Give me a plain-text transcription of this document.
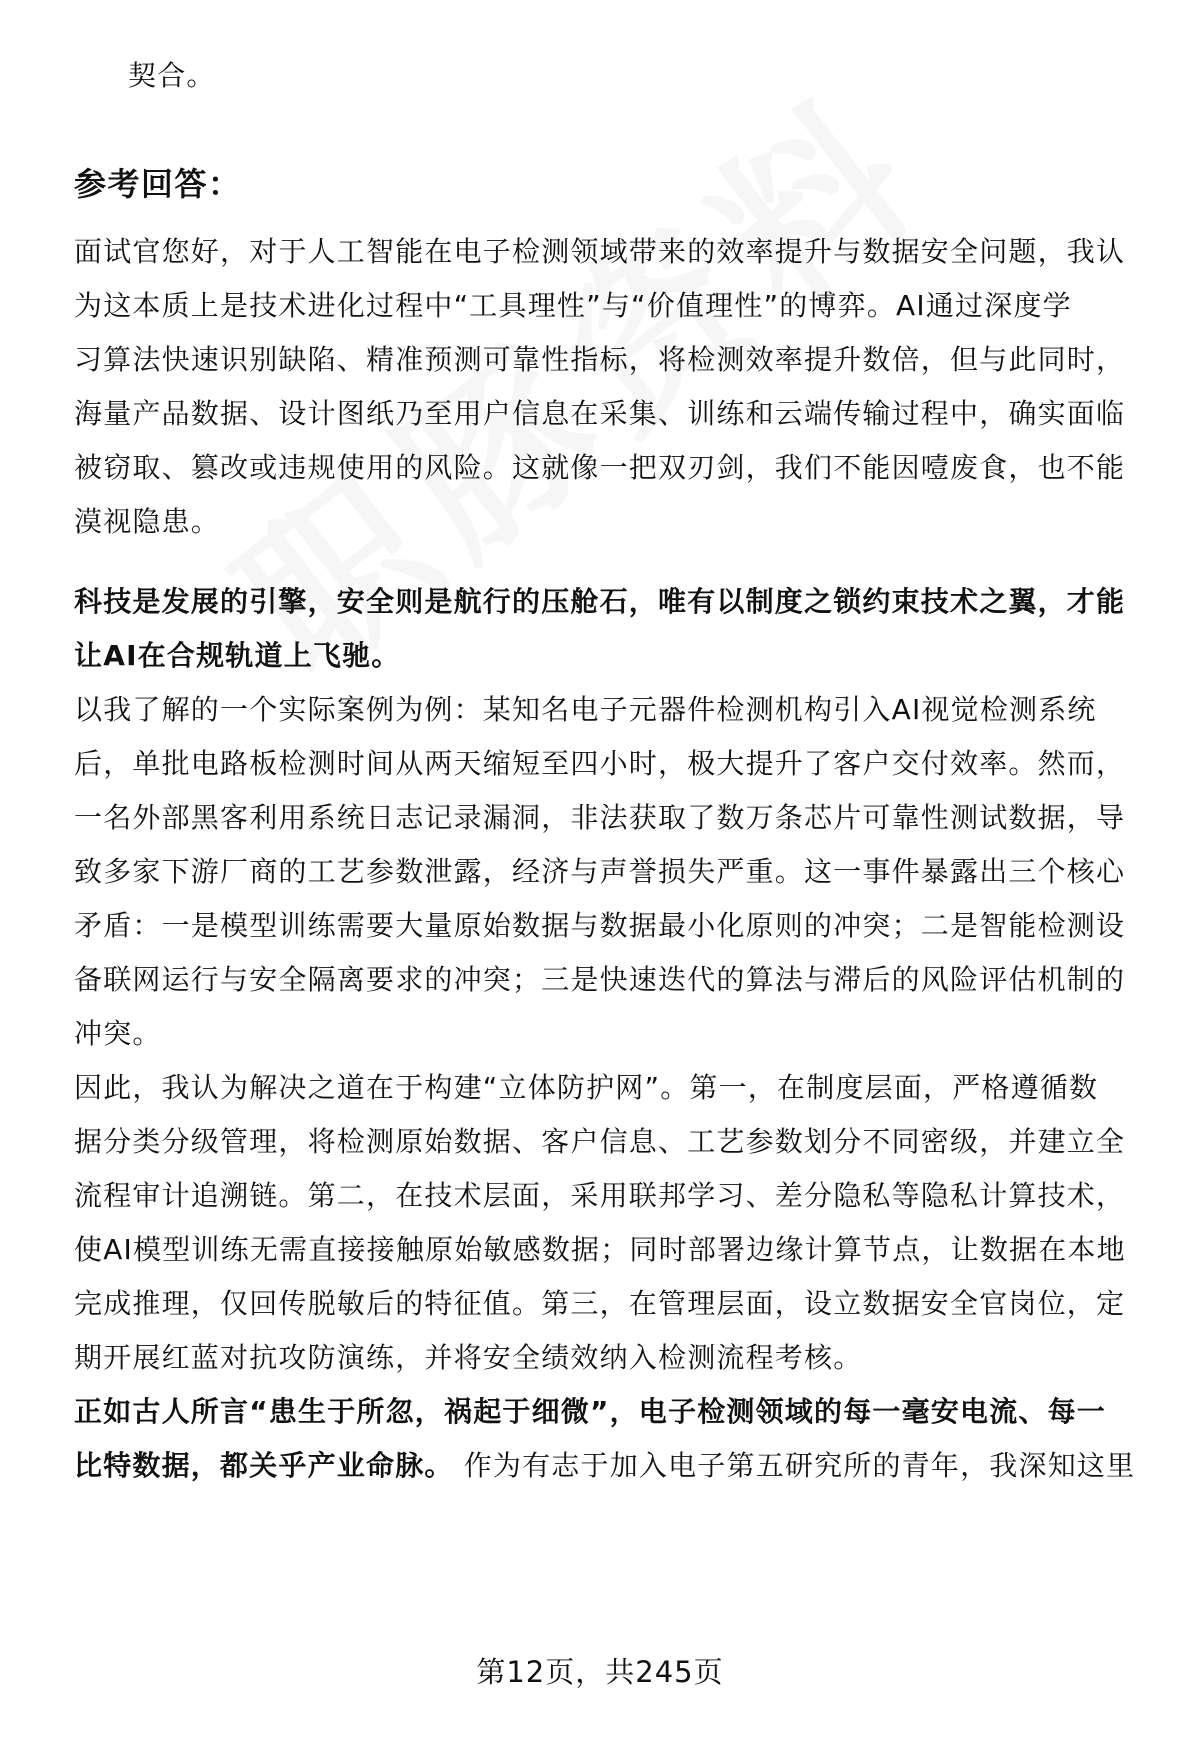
契合。
参考回答：
面试官您好，对于人工智能在电子检测领域带来的效率提升与数据安全问题，我认
为这本质上是技术进化过程中“工具理性”与“价值理性”的博弈。AI通过深度学
习算法快速识别缺陷、精准预测可靠性指标，将检测效率提升数倍，但与此同时，
海量产品数据、设计图纸乃至用户信息在采集、训练和云端传输过程中，确实面临
被窃取、篡改或违规使用的风险。这就像一把双刃剑，我们不能因噎废食，也不能
漠视隐患。
科技是发展的引擎，安全则是航行的压舱石，唯有以制度之锁约束技术之翼，才能
让AI在合规轨道上飞驰。
以我了解的一个实际案例为例：某知名电子元器件检测机构引入AI视觉检测系统
后，单批电路板检测时间从两天缩短至四小时，极大提升了客户交付效率。然而，
一名外部黑客利用系统日志记录漏洞，非法获取了数万条芯片可靠性测试数据，导
致多家下游厂商的工艺参数泄露，经济与声誉损失严重。这一事件暴露出三个核心
矛盾：一是模型训练需要大量原始数据与数据最小化原则的冲突；二是智能检测设
备联网运行与安全隔离要求的冲突；三是快速迭代的算法与滞后的风险评估机制的
冲突。
因此，我认为解决之道在于构建“立体防护网”。第一，在制度层面，严格遵循数
据分类分级管理，将检测原始数据、客户信息、工艺参数划分不同密级，并建立全
流程审计追溯链。第二，在技术层面，采用联邦学习、差分隐私等隐私计算技术，
使AI模型训练无需直接接触原始敏感数据；同时部署边缘计算节点，让数据在本地
完成推理，仅回传脱敏后的特征值。第三，在管理层面，设立数据安全官岗位，定
期开展红蓝对抗攻防演练，并将安全绩效纳入检测流程考核。
正如古人所言“患生于所忽，祸起于细微”，电子检测领域的每一毫安电流、每一
比特数据，都关乎产业命脉。 作为有志于加入电子第五研究所的青年，我深知这里
第12页，共245页
